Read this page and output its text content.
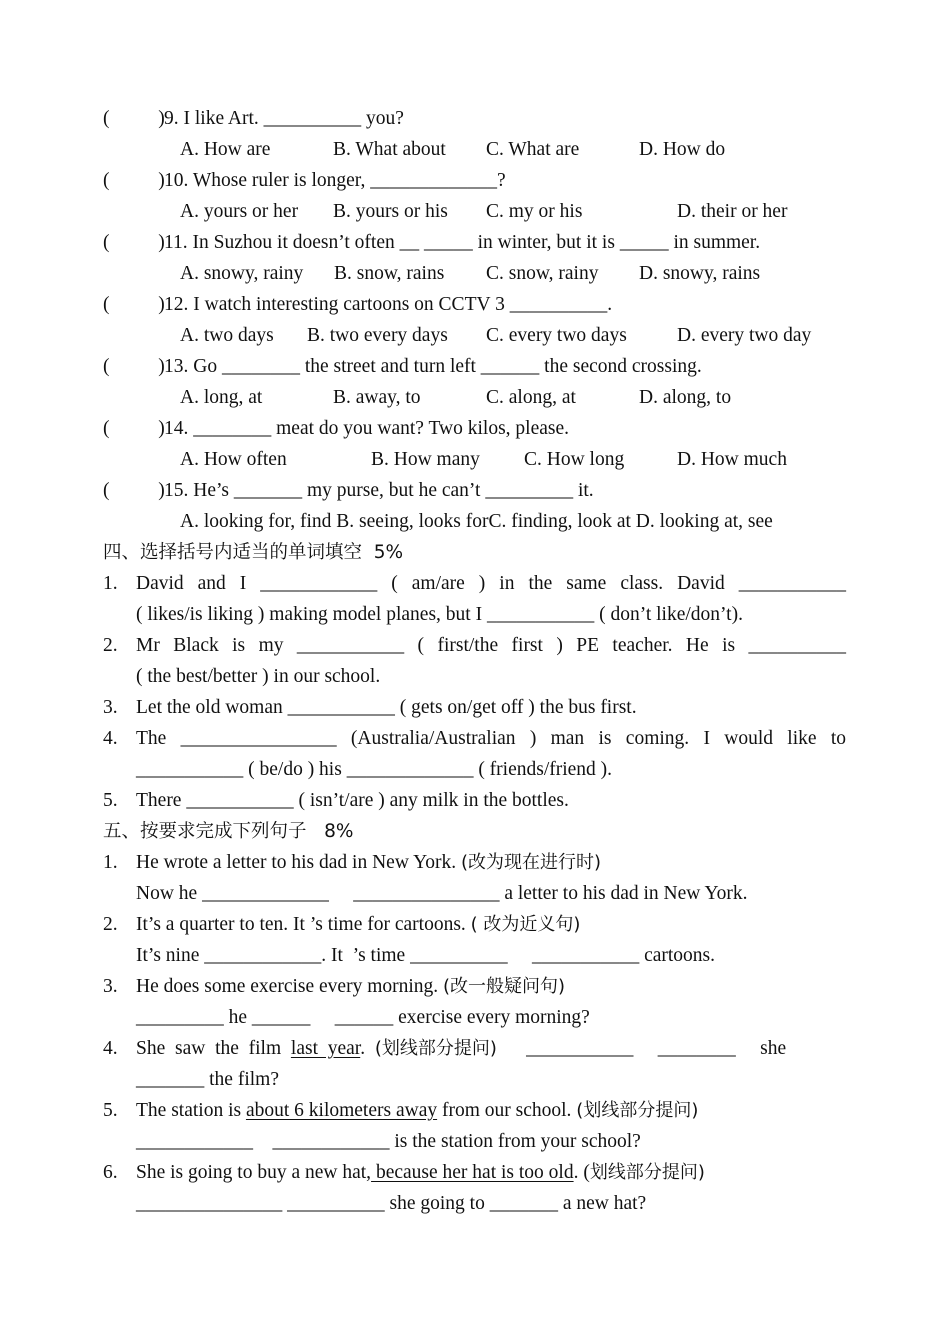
(          ) 9. I like Art. __________ you?
A. How are	B. What about C. What are	D. How do
(          ) 10. Whose ruler is longer, _____________?
A. yours or her B. yours or his C. my or his	D. their or her
(          ) 11. In Suzhou it doesn’t often __ _____ in winter, but it is _____ in summer.
A. snowy, rainy B. snow, rains C. snow, rainy D. snowy, rains
(          ) 12. I watch interesting cartoons on CCTV 3 __________.
A. two days B. two every days C. every two days	D. every two day
(          ) 13. Go ________ the street and turn left ______ the second crossing.
A. long, at	B. away, to	C. along, at	D. along, to
(          ) 14. ________ meat do you want? Two kilos, please.
A. How often	B. How many C. How long	D. How much
(          ) 15. He’s _______ my purse, but he can’t _________ it.
A. looking for, find B. seeing, looks forC. finding, look at D. looking at, see
四、选择括号内适当的单词填空  5%
1. David and I ____________ ( am/are ) in the same class. David ___________
( likes/is liking ) making model planes, but I ___________ ( don’t like/don’t).
2. Mr Black is my ___________ ( first/the first ) PE teacher. He is __________
( the best/better ) in our school.
3. Let the old woman ___________ ( gets on/get off ) the bus first.
4. The ________________ (Australia/Australian ) man is coming. I would like to
___________ ( be/do ) his _____________ ( friends/friend ).
5. There ___________ ( isn’t/are ) any milk in the bottles.
五、按要求完成下列句子   8%
1. He wrote a letter to his dad in New York. (改为现在进行时)
Now he _____________     _______________ a letter to his dad in New York.
2. It’s a quarter to ten. It ’s time for cartoons. ( 改为近义句)
It’s nine ____________. It  ’s time __________     ___________ cartoons.
3. He does some exercise every morning. (改一般疑问句)
_________ he ______     ______ exercise every morning?
4. She  saw  the  film  last  year.  (划线部分提问)      ___________     ________     she
_______ the film?
5. The station is about 6 kilometers away from our school. (划线部分提问)
____________    ____________ is the station from your school?
6. She is going to buy a new hat, because her hat is too old. (划线部分提问)
_______________ __________ she going to _______ a new hat?
